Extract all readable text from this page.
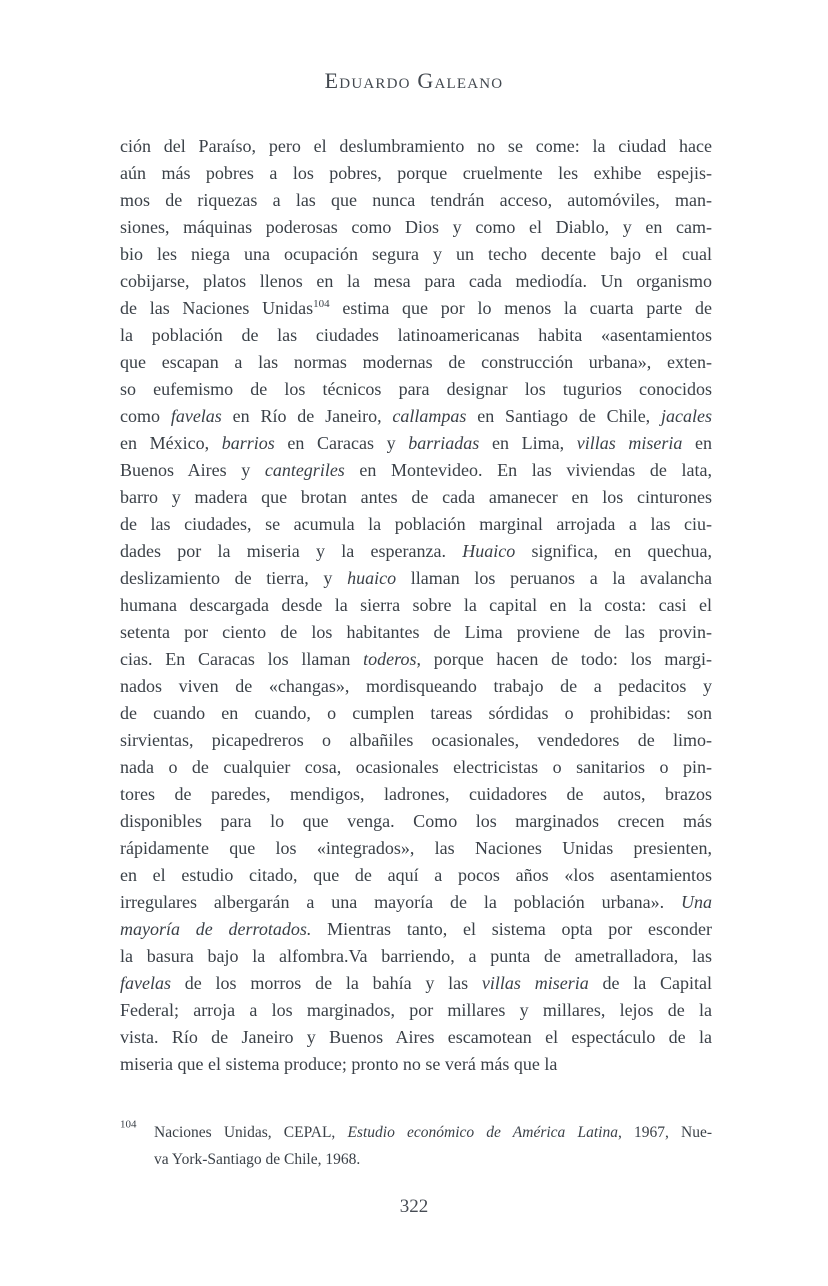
Eduardo Galeano
ción del Paraíso, pero el deslumbramiento no se come: la ciudad hace
aún más pobres a los pobres, porque cruelmente les exhibe espejis-
mos de riquezas a las que nunca tendrán acceso, automóviles, man-
siones, máquinas poderosas como Dios y como el Diablo, y en cam-
bio les niega una ocupación segura y un techo decente bajo el cual
cobijarse, platos llenos en la mesa para cada mediodía. Un organismo
de las Naciones Unidas$^{104}$ estima que por lo menos la cuarta parte de
la población de las ciudades latinoamericanas habita «asentamientos
que escapan a las normas modernas de construcción urbana», exten-
so eufemismo de los técnicos para designar los tugurios conocidos
como favelas en Río de Janeiro, callampas en Santiago de Chile, jacales
en México, barrios en Caracas y barriadas en Lima, villas miseria en
Buenos Aires y cantegriles en Montevideo. En las viviendas de lata,
barro y madera que brotan antes de cada amanecer en los cinturones
de las ciudades, se acumula la población marginal arrojada a las ciu-
dades por la miseria y la esperanza. Huaico significa, en quechua,
deslizamiento de tierra, y huaico llaman los peruanos a la avalancha
humana descargada desde la sierra sobre la capital en la costa: casi el
setenta por ciento de los habitantes de Lima proviene de las provin-
cias. En Caracas los llaman toderos, porque hacen de todo: los margi-
nados viven de «changas», mordisqueando trabajo de a pedacitos y
de cuando en cuando, o cumplen tareas sórdidas o prohibidas: son
sirvientas, picapedreros o albañiles ocasionales, vendedores de limo-
nada o de cualquier cosa, ocasionales electricistas o sanitarios o pin-
tores de paredes, mendigos, ladrones, cuidadores de autos, brazos
disponibles para lo que venga. Como los marginados crecen más
rápidamente que los «integrados», las Naciones Unidas presienten,
en el estudio citado, que de aquí a pocos años «los asentamientos
irregulares albergarán a una mayoría de la población urbana». Una
mayoría de derrotados. Mientras tanto, el sistema opta por esconder
la basura bajo la alfombra.Va barriendo, a punta de ametralladora, las
favelas de los morros de la bahía y las villas miseria de la Capital
Federal; arroja a los marginados, por millares y millares, lejos de la
vista. Río de Janeiro y Buenos Aires escamotean el espectáculo de la
miseria que el sistema produce; pronto no se verá más que la
$^{104}$	Naciones Unidas, CEPAL, Estudio económico de América Latina, 1967, Nue-
va York-Santiago de Chile, 1968.
322
